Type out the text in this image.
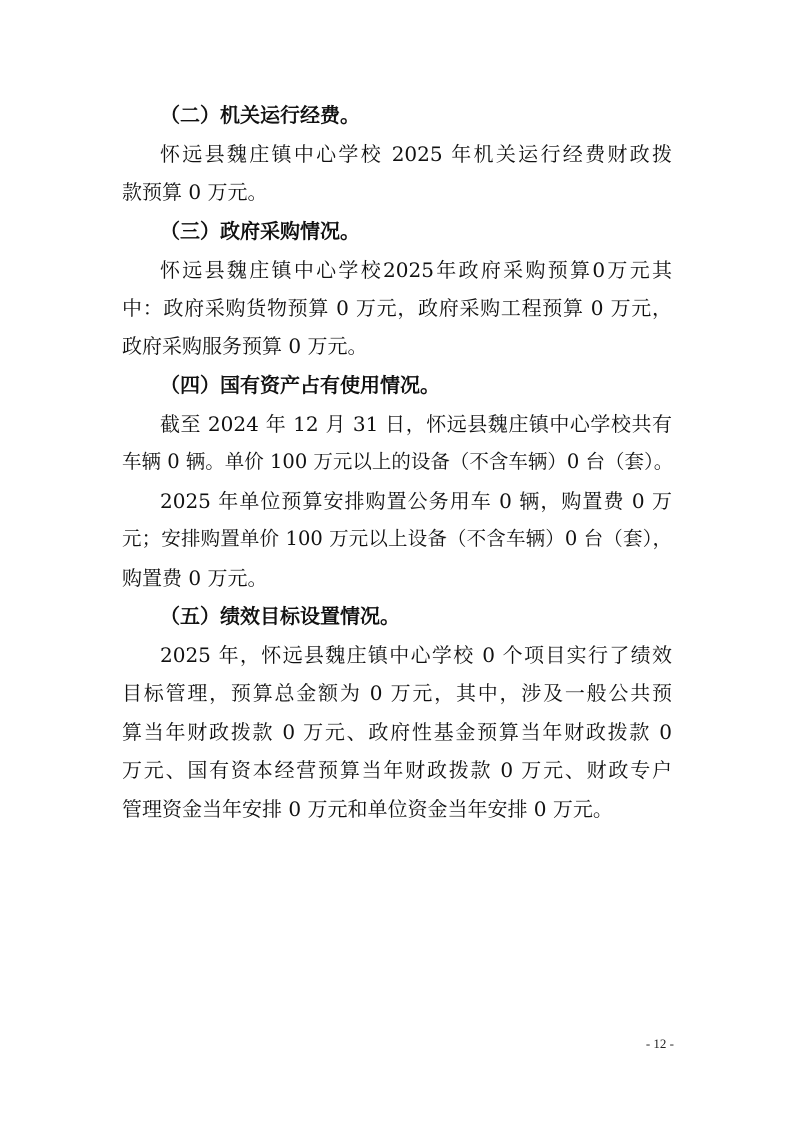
（二）机关运行经费。
怀远县魏庄镇中心学校 2025 年机关运行经费财政拨
款预算 0 万元。
（三）政府采购情况。
怀远县魏庄镇中心学校2025年政府采购预算0万元其
中：政府采购货物预算 0 万元，政府采购工程预算 0 万元，
政府采购服务预算 0 万元。
（四）国有资产占有使用情况。
截至 2024 年 12 月 31 日，怀远县魏庄镇中心学校共有
车辆 0 辆。单价 100 万元以上的设备（不含车辆）0 台（套）。
2025 年单位预算安排购置公务用车 0 辆，购置费 0 万
元；安排购置单价 100 万元以上设备（不含车辆）0 台（套），
购置费 0 万元。
（五）绩效目标设置情况。
2025 年，怀远县魏庄镇中心学校 0 个项目实行了绩效
目标管理，预算总金额为 0 万元，其中，涉及一般公共预
算当年财政拨款 0 万元、政府性基金预算当年财政拨款 0
万元、国有资本经营预算当年财政拨款 0 万元、财政专户
管理资金当年安排 0 万元和单位资金当年安排 0 万元。
- 12 -
